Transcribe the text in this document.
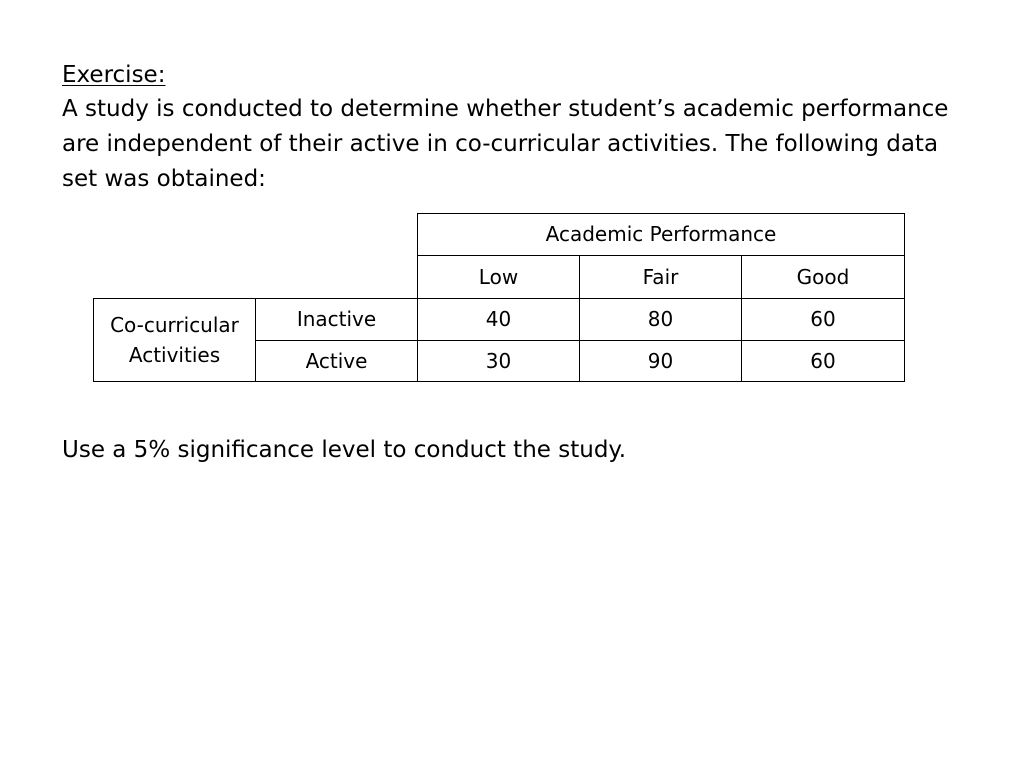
Exercise:
A study is conducted to determine whether student’s academic performance
are independent of their active in co-curricular activities. The following data
set was obtained:
		Academic Performance		
		Low	Fair	Good

Co-curricular
Activities	Inactive	40	80	60
	Active	30	90	60
Use a 5% significance level to conduct the study.
